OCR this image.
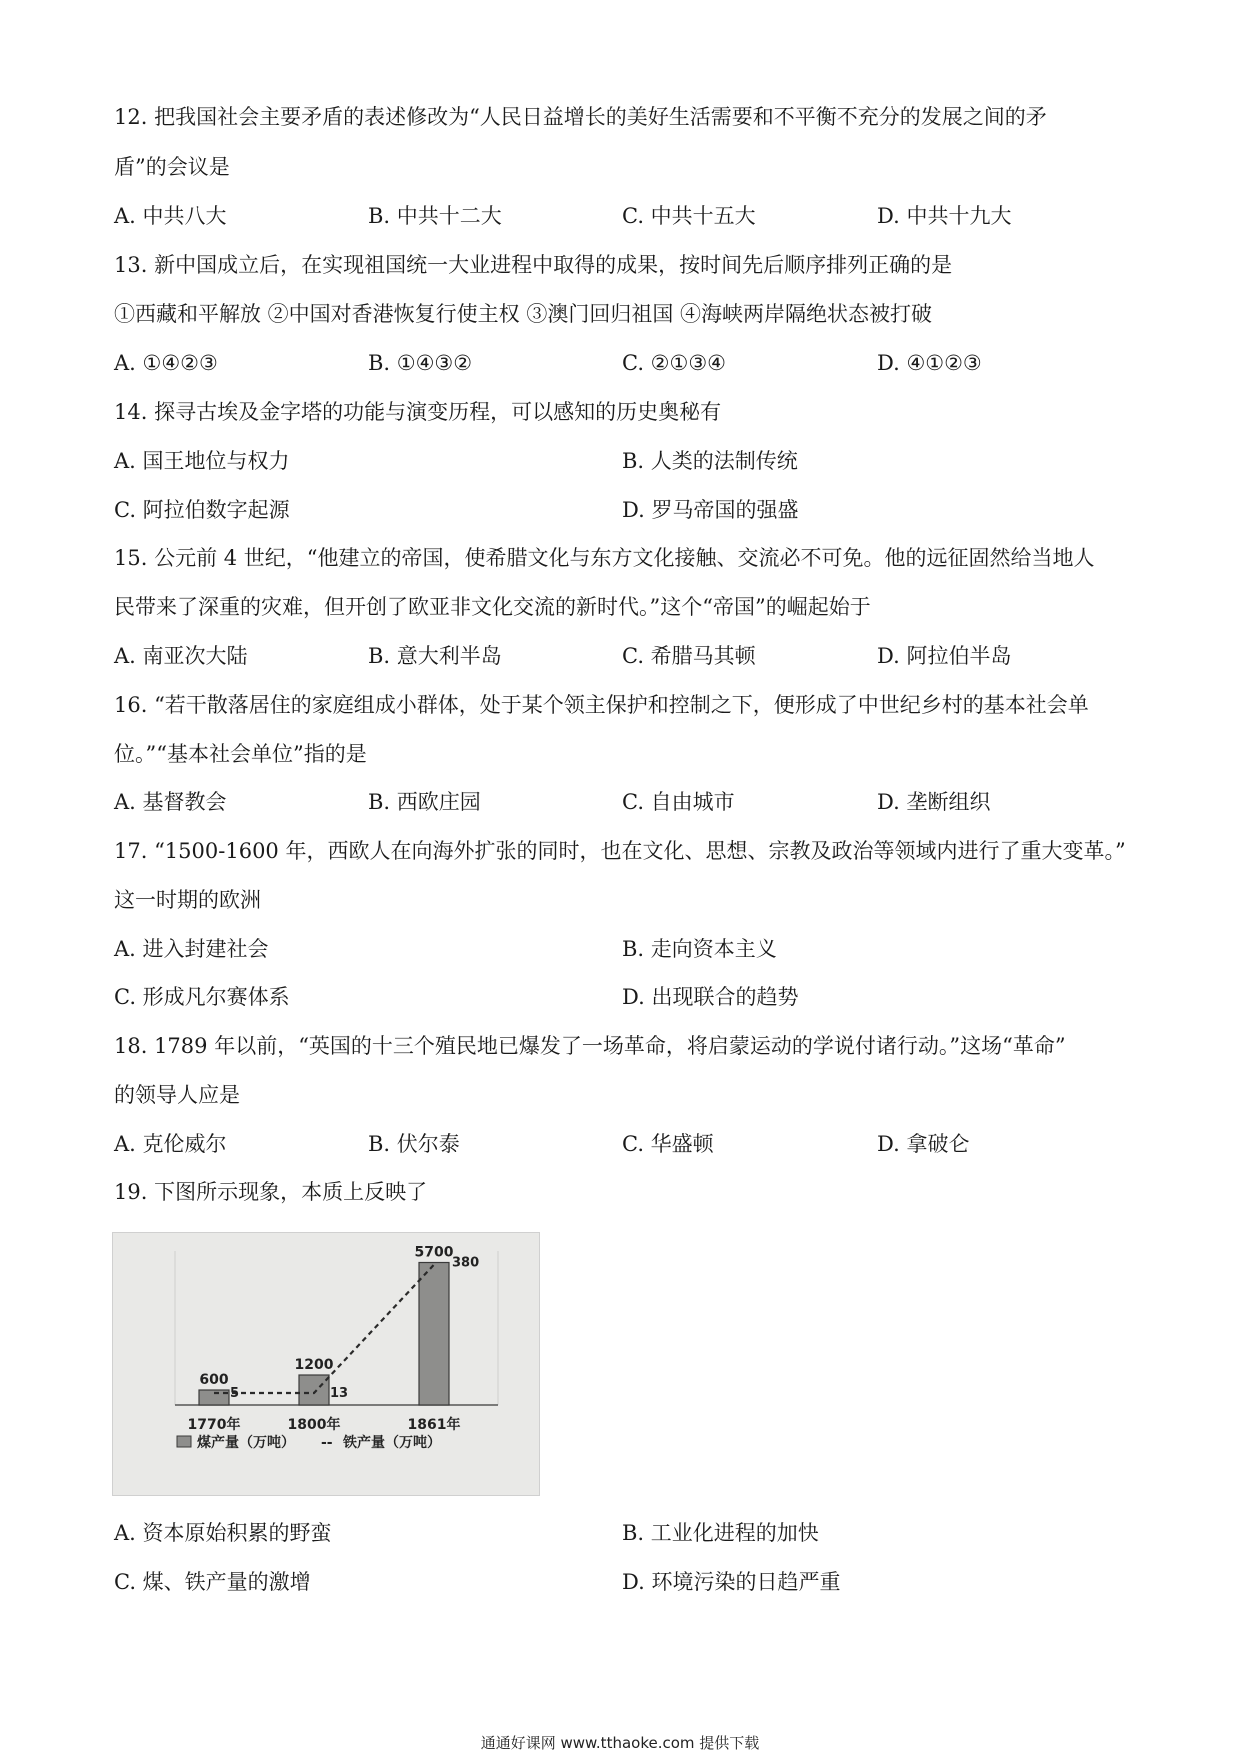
12. 把我国社会主要矛盾的表述修改为“人民日益增长的美好生活需要和不平衡不充分的发展之间的矛
盾”的会议是
A. 中共八大	B. 中共十二大	C. 中共十五大	D. 中共十九大
13. 新中国成立后，在实现祖国统一大业进程中取得的成果，按时间先后顺序排列正确的是
①西藏和平解放 ②中国对香港恢复行使主权 ③澳门回归祖国 ④海峡两岸隔绝状态被打破
A. ①④②③	B. ①④③②	C. ②①③④	D. ④①②③
14. 探寻古埃及金字塔的功能与演变历程，可以感知的历史奥秘有
A. 国王地位与权力	B. 人类的法制传统
C. 阿拉伯数字起源	D. 罗马帝国的强盛
15. 公元前 4 世纪，“他建立的帝国，使希腊文化与东方文化接触、交流必不可免。他的远征固然给当地人
民带来了深重的灾难，但开创了欧亚非文化交流的新时代。”这个“帝国”的崛起始于
A. 南亚次大陆	B. 意大利半岛	C. 希腊马其顿	D. 阿拉伯半岛
16. “若干散落居住的家庭组成小群体，处于某个领主保护和控制之下，便形成了中世纪乡村的基本社会单
位。”“基本社会单位”指的是
A. 基督教会	B. 西欧庄园	C. 自由城市	D. 垄断组织
17. “1500-1600 年，西欧人在向海外扩张的同时，也在文化、思想、宗教及政治等领域内进行了重大变革。”
这一时期的欧洲
A. 进入封建社会	B. 走向资本主义
C. 形成凡尔赛体系	D. 出现联合的趋势
18. 1789 年以前，“英国的十三个殖民地已爆发了一场革命，将启蒙运动的学说付诸行动。”这场“革命”
的领导人应是
A. 克伦威尔	B. 伏尔泰	C. 华盛顿	D. 拿破仑
19. 下图所示现象，本质上反映了
600
1200
5700
5	13
380
1770年	1800年	1861年
煤产量（万吨） -- 铁产量（万吨）
A. 资本原始积累的野蛮	B. 工业化进程的加快
C. 煤、铁产量的激增	D. 环境污染的日趋严重
通通好课网 www.tthaoke.com 提供下载
